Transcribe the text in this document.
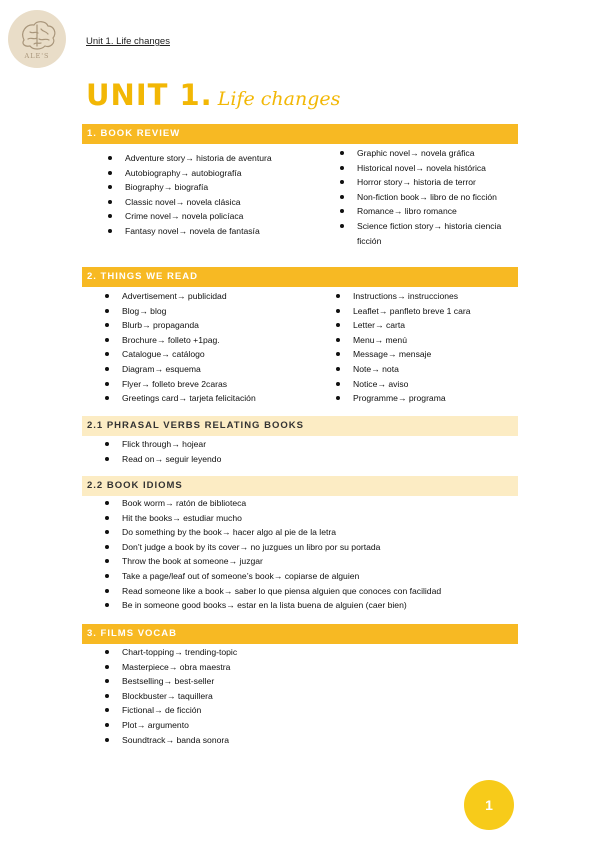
ALE'S
Unit 1. Life changes
UNIT 1. Life changes
1. BOOK REVIEW
Adventure story→ historia de aventura
Autobiography→ autobiografía
Biography→ biografía
Classic novel→ novela clásica
Crime novel→ novela policíaca
Fantasy novel→ novela de fantasía
Graphic novel→ novela gráfica
Historical novel→ novela histórica
Horror story→ historia de terror
Non-fiction book→ libro de no ficción
Romance→ libro romance
Science fiction story→ historia ciencia ficción
2. THINGS WE READ
Advertisement→ publicidad
Blog→ blog
Blurb→ propaganda
Brochure→ folleto +1pag.
Catalogue→ catálogo
Diagram→ esquema
Flyer→ folleto breve 2caras
Greetings card→ tarjeta felicitación
Instructions→ instrucciones
Leaflet→ panfleto breve 1 cara
Letter→ carta
Menu→ menú
Message→ mensaje
Note→ nota
Notice→ aviso
Programme→ programa
2.1 PHRASAL VERBS RELATING BOOKS
Flick through→ hojear
Read on→ seguir leyendo
2.2 BOOK IDIOMS
Book worm→ ratón de biblioteca
Hit the books→ estudiar mucho
Do something by the book→ hacer algo al pie de la letra
Don’t judge a book by its cover→ no juzgues un libro por su portada
Throw the book at someone→ juzgar
Take a page/leaf out of someone’s book→ copiarse de alguien
Read someone like a book→ saber lo que piensa alguien que conoces con facilidad
Be in someone good books→ estar en la lista buena de alguien (caer bien)
3. FILMS VOCAB
Chart-topping→ trending-topic
Masterpiece→ obra maestra
Bestselling→ best-seller
Blockbuster→ taquillera
Fictional→ de ficción
Plot→ argumento
Soundtrack→ banda sonora
1
